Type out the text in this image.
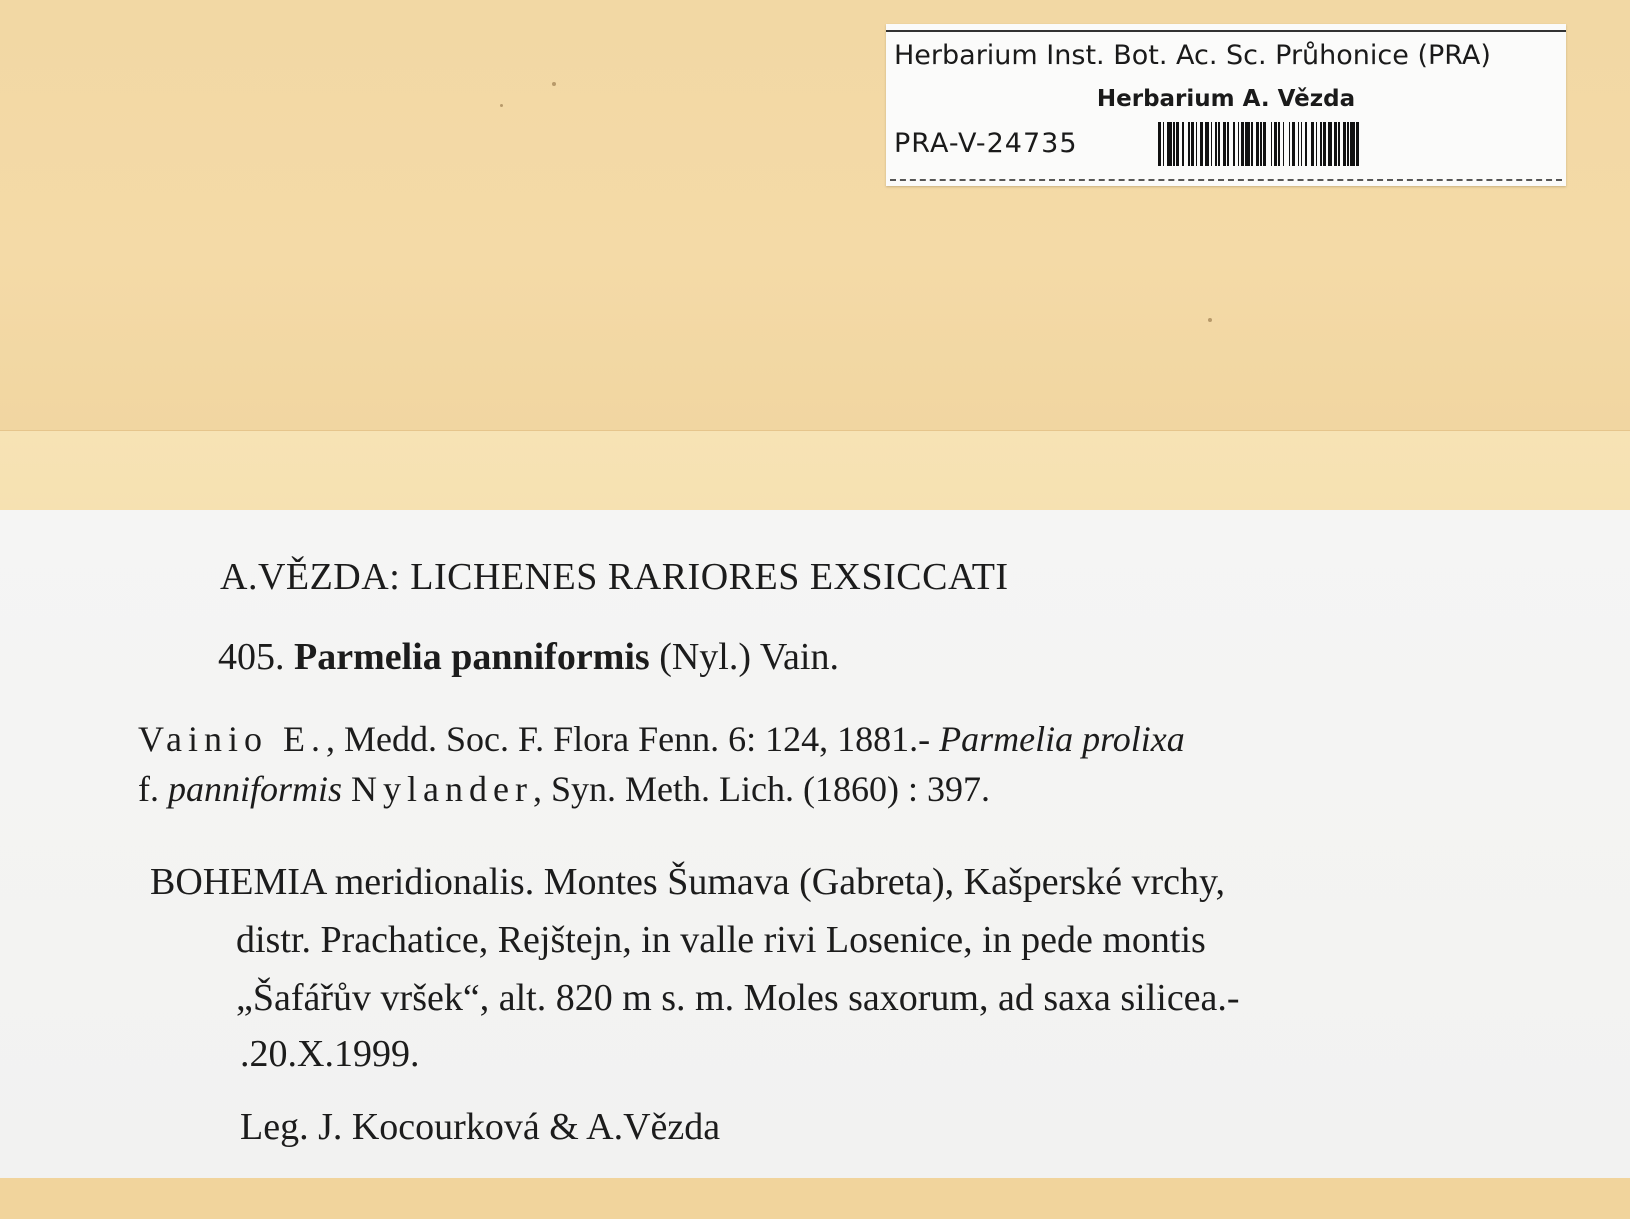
Herbarium Inst. Bot. Ac. Sc. Průhonice (PRA)
Herbarium A. Vězda
PRA-V-24735
A.VĚZDA: LICHENES RARIORES EXSICCATI
405. Parmelia panniformis (Nyl.) Vain.
Vainio E., Medd. Soc. F. Flora Fenn. 6: 124, 1881.- Parmelia prolixa
f. panniformis Nylander, Syn. Meth. Lich. (1860) : 397.
BOHEMIA meridionalis. Montes Šumava (Gabreta), Kašperské vrchy,
distr. Prachatice, Rejštejn, in valle rivi Losenice, in pede montis
„Šafářův vršek“, alt. 820 m s. m. Moles saxorum, ad saxa silicea.-
.20.X.1999.
Leg. J. Kocourková & A.Vězda
